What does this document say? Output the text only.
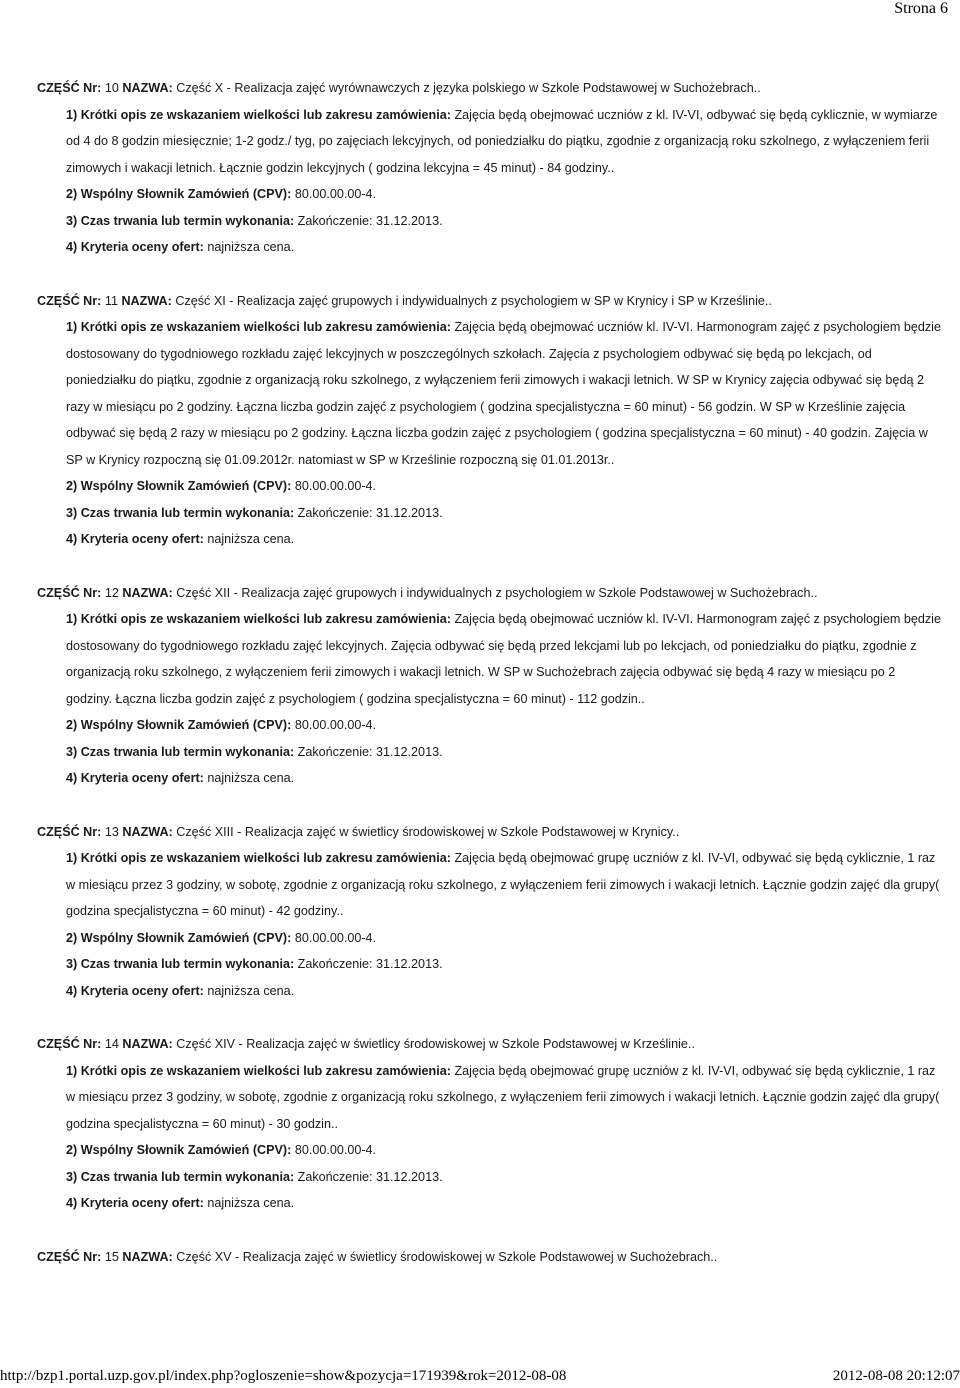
Strona 6
CZĘŚĆ Nr: 10 NAZWA: Część X - Realizacja zajęć wyrównawczych z języka polskiego w Szkole Podstawowej w Suchożebrach..

1) Krótki opis ze wskazaniem wielkości lub zakresu zamówienia: Zajęcia będą obejmować uczniów z kl. IV-VI, odbywać się będą cyklicznie, w wymiarze od 4 do 8 godzin miesięcznie; 1-2 godz./ tyg, po zajęciach lekcyjnych, od poniedziałku do piątku, zgodnie z organizacją roku szkolnego, z wyłączeniem ferii zimowych i wakacji letnich. Łącznie godzin lekcyjnych ( godzina lekcyjna = 45 minut) - 84 godziny..

2) Wspólny Słownik Zamówień (CPV): 80.00.00.00-4.

3) Czas trwania lub termin wykonania: Zakończenie: 31.12.2013.

4) Kryteria oceny ofert: najniższa cena.

CZĘŚĆ Nr: 11 NAZWA: Część XI - Realizacja zajęć grupowych i indywidualnych z psychologiem w SP w Krynicy i SP w Krześlinie..

1) Krótki opis ze wskazaniem wielkości lub zakresu zamówienia: Zajęcia będą obejmować uczniów kl. IV-VI. Harmonogram zajęć z psychologiem będzie dostosowany do tygodniowego rozkładu zajęć lekcyjnych w poszczególnych szkołach. Zajęcia z psychologiem odbywać się będą po lekcjach, od poniedziałku do piątku, zgodnie z organizacją roku szkolnego, z wyłączeniem ferii zimowych i wakacji letnich. W SP w Krynicy zajęcia odbywać się będą 2 razy w miesiącu po 2 godziny. Łączna liczba godzin zajęć z psychologiem ( godzina specjalistyczna = 60 minut) - 56 godzin. W SP w Krześlinie zajęcia odbywać się będą 2 razy w miesiącu po 2 godziny. Łączna liczba godzin zajęć z psychologiem ( godzina specjalistyczna = 60 minut) - 40 godzin. Zajęcia w SP w Krynicy rozpoczną się 01.09.2012r. natomiast w SP w Krześlinie rozpoczną się 01.01.2013r..

2) Wspólny Słownik Zamówień (CPV): 80.00.00.00-4.

3) Czas trwania lub termin wykonania: Zakończenie: 31.12.2013.

4) Kryteria oceny ofert: najniższa cena.

CZĘŚĆ Nr: 12 NAZWA: Część XII - Realizacja zajęć grupowych i indywidualnych z psychologiem w Szkole Podstawowej w Suchożebrach..

1) Krótki opis ze wskazaniem wielkości lub zakresu zamówienia: Zajęcia będą obejmować uczniów kl. IV-VI. Harmonogram zajęć z psychologiem będzie dostosowany do tygodniowego rozkładu zajęć lekcyjnych. Zajęcia odbywać się będą przed lekcjami lub po lekcjach, od poniedziałku do piątku, zgodnie z organizacją roku szkolnego, z wyłączeniem ferii zimowych i wakacji letnich. W SP w Suchożebrach zajęcia odbywać się będą 4 razy w miesiącu po 2 godziny. Łączna liczba godzin zajęć z psychologiem ( godzina specjalistyczna = 60 minut) - 112 godzin..

2) Wspólny Słownik Zamówień (CPV): 80.00.00.00-4.

3) Czas trwania lub termin wykonania: Zakończenie: 31.12.2013.

4) Kryteria oceny ofert: najniższa cena.

CZĘŚĆ Nr: 13 NAZWA: Część XIII - Realizacja zajęć w świetlicy środowiskowej w Szkole Podstawowej w Krynicy..

1) Krótki opis ze wskazaniem wielkości lub zakresu zamówienia: Zajęcia będą obejmować grupę uczniów z kl. IV-VI, odbywać się będą cyklicznie, 1 raz w miesiącu przez 3 godziny, w sobotę, zgodnie z organizacją roku szkolnego, z wyłączeniem ferii zimowych i wakacji letnich. Łącznie godzin zajęć dla grupy( godzina specjalistyczna = 60 minut) - 42 godziny..

2) Wspólny Słownik Zamówień (CPV): 80.00.00.00-4.

3) Czas trwania lub termin wykonania: Zakończenie: 31.12.2013.

4) Kryteria oceny ofert: najniższa cena.

CZĘŚĆ Nr: 14 NAZWA: Część XIV - Realizacja zajęć w świetlicy środowiskowej w Szkole Podstawowej w Krześlinie..

1) Krótki opis ze wskazaniem wielkości lub zakresu zamówienia: Zajęcia będą obejmować grupę uczniów z kl. IV-VI, odbywać się będą cyklicznie, 1 raz w miesiącu przez 3 godziny, w sobotę, zgodnie z organizacją roku szkolnego, z wyłączeniem ferii zimowych i wakacji letnich. Łącznie godzin zajęć dla grupy( godzina specjalistyczna = 60 minut) - 30 godzin..

2) Wspólny Słownik Zamówień (CPV): 80.00.00.00-4.

3) Czas trwania lub termin wykonania: Zakończenie: 31.12.2013.

4) Kryteria oceny ofert: najniższa cena.

CZĘŚĆ Nr: 15 NAZWA: Część XV - Realizacja zajęć w świetlicy środowiskowej w Szkole Podstawowej w Suchożebrach..
http://bzp1.portal.uzp.gov.pl/index.php?ogloszenie=show&pozycja=171939&rok=2012-08-08	2012-08-08 20:12:07
